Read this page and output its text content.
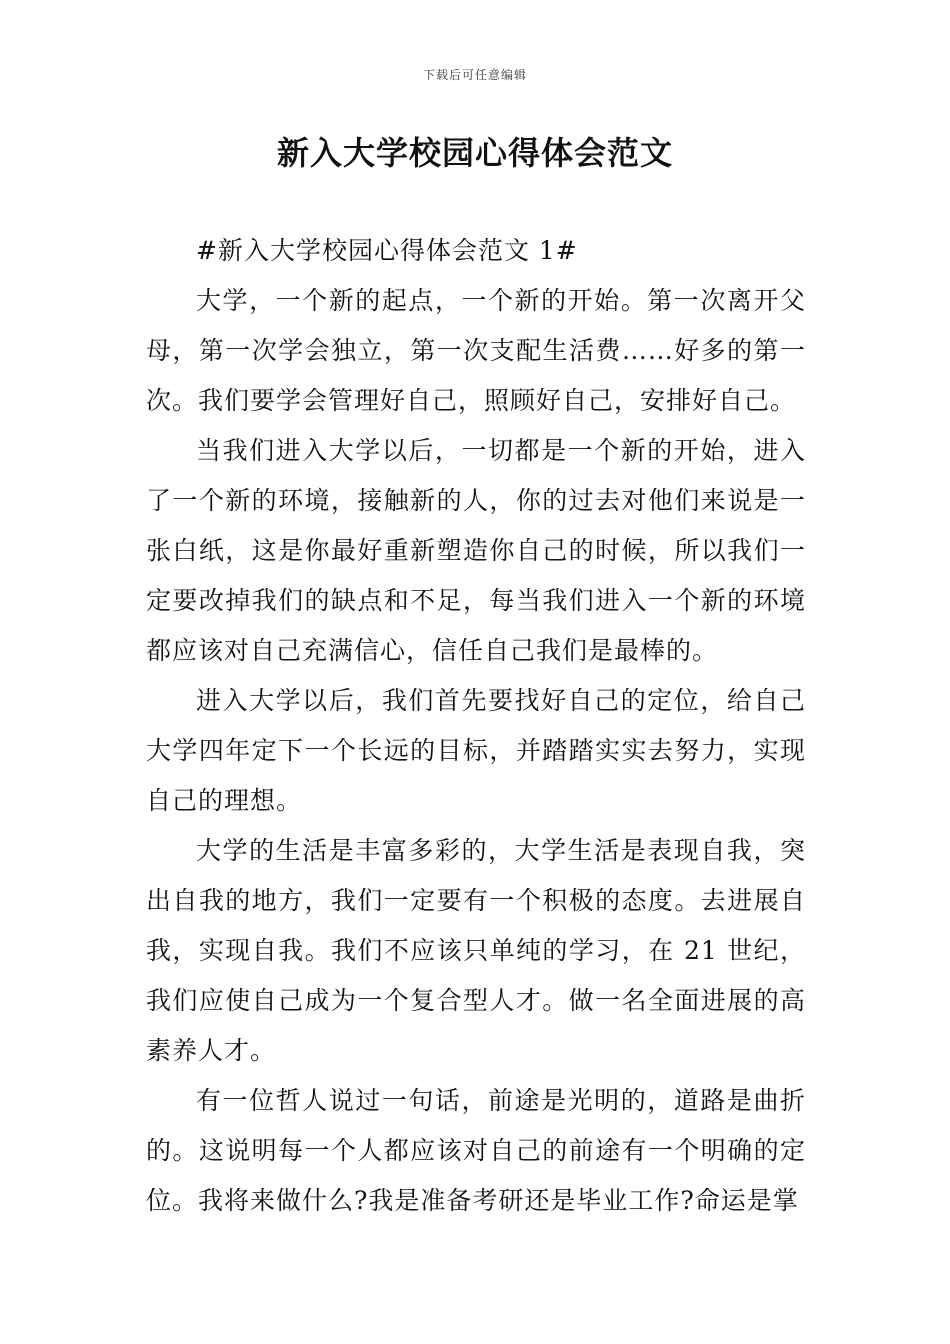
下载后可任意编辑
新入大学校园心得体会范文

#新入大学校园心得体会范文 1#

大学，一个新的起点，一个新的开始。第一次离开父母，第一次学会独立，第一次支配生活费……好多的第一次。我们要学会管理好自己，照顾好自己，安排好自己。

当我们进入大学以后，一切都是一个新的开始，进入了一个新的环境，接触新的人，你的过去对他们来说是一张白纸，这是你最好重新塑造你自己的时候，所以我们一定要改掉我们的缺点和不足，每当我们进入一个新的环境都应该对自己充满信心，信任自己我们是最棒的。

进入大学以后，我们首先要找好自己的定位，给自己大学四年定下一个长远的目标，并踏踏实实去努力，实现自己的理想。

大学的生活是丰富多彩的，大学生活是表现自我，突出自我的地方，我们一定要有一个积极的态度。去进展自我，实现自我。我们不应该只单纯的学习，在 21 世纪，我们应使自己成为一个复合型人才。做一名全面进展的高素养人才。

有一位哲人说过一句话，前途是光明的，道路是曲折的。这说明每一个人都应该对自己的前途有一个明确的定位。我将来做什么?我是准备考研还是毕业工作?命运是掌
